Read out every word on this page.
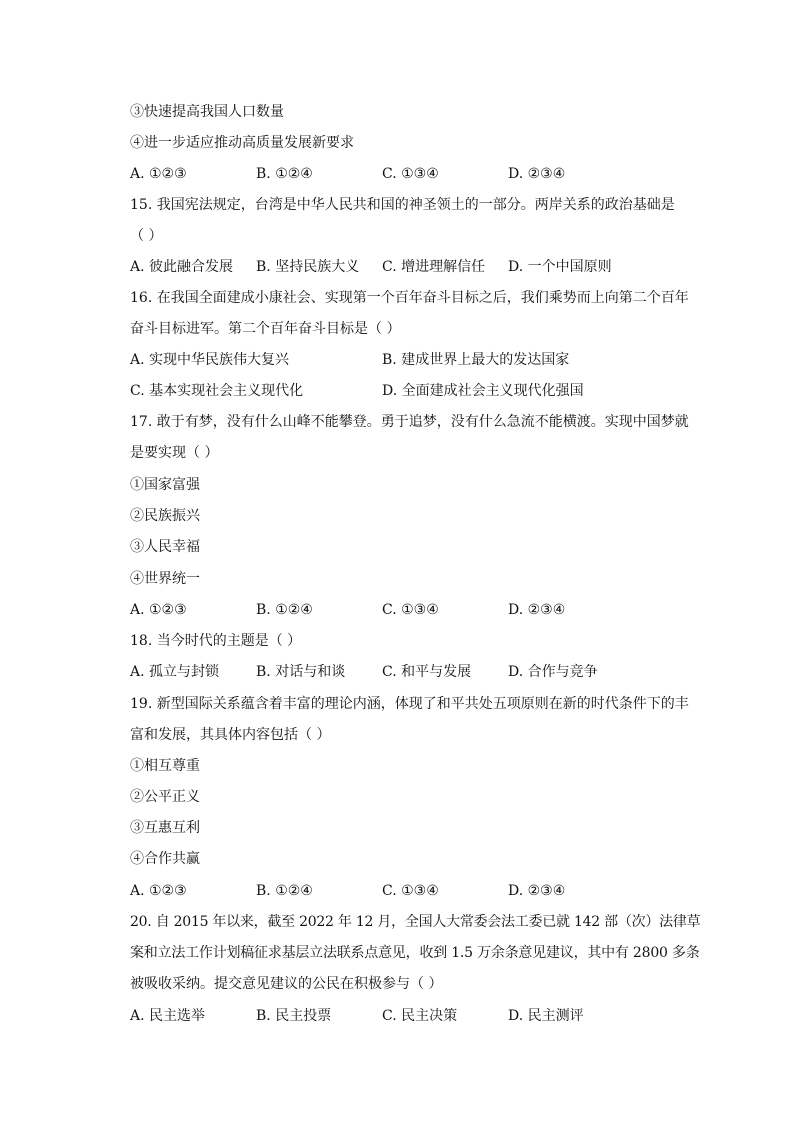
③快速提高我国人口数量
④进一步适应推动高质量发展新要求
A. ①②③	B. ①②④	C. ①③④	D. ②③④
15. 我国宪法规定，台湾是中华人民共和国的神圣领土的一部分。两岸关系的政治基础是
（ ）
A. 彼此融合发展 B. 坚持民族大义 C. 增进理解信任 D. 一个中国原则
16. 在我国全面建成小康社会、实现第一个百年奋斗目标之后，我们乘势而上向第二个百年
奋斗目标进军。第二个百年奋斗目标是（ ）
A. 实现中华民族伟大复兴	B. 建成世界上最大的发达国家
C. 基本实现社会主义现代化	D. 全面建成社会主义现代化强国
17. 敢于有梦，没有什么山峰不能攀登。勇于追梦，没有什么急流不能横渡。实现中国梦就
是要实现（ ）
①国家富强
②民族振兴
③人民幸福
④世界统一
A. ①②③	B. ①②④	C. ①③④	D. ②③④
18. 当今时代的主题是（ ）
A. 孤立与封锁	B. 对话与和谈	C. 和平与发展	D. 合作与竞争
19. 新型国际关系蕴含着丰富的理论内涵，体现了和平共处五项原则在新的时代条件下的丰
富和发展，其具体内容包括（ ）
①相互尊重
②公平正义
③互惠互利
④合作共赢
A. ①②③	B. ①②④	C. ①③④	D. ②③④
20. 自 2015 年以来，截至 2022 年 12 月，全国人大常委会法工委已就 142 部（次）法律草
案和立法工作计划稿征求基层立法联系点意见，收到 1.5 万余条意见建议，其中有 2800 多条
被吸收采纳。提交意见建议的公民在积极参与（ ）
A. 民主选举	B. 民主投票	C. 民主决策	D. 民主测评
